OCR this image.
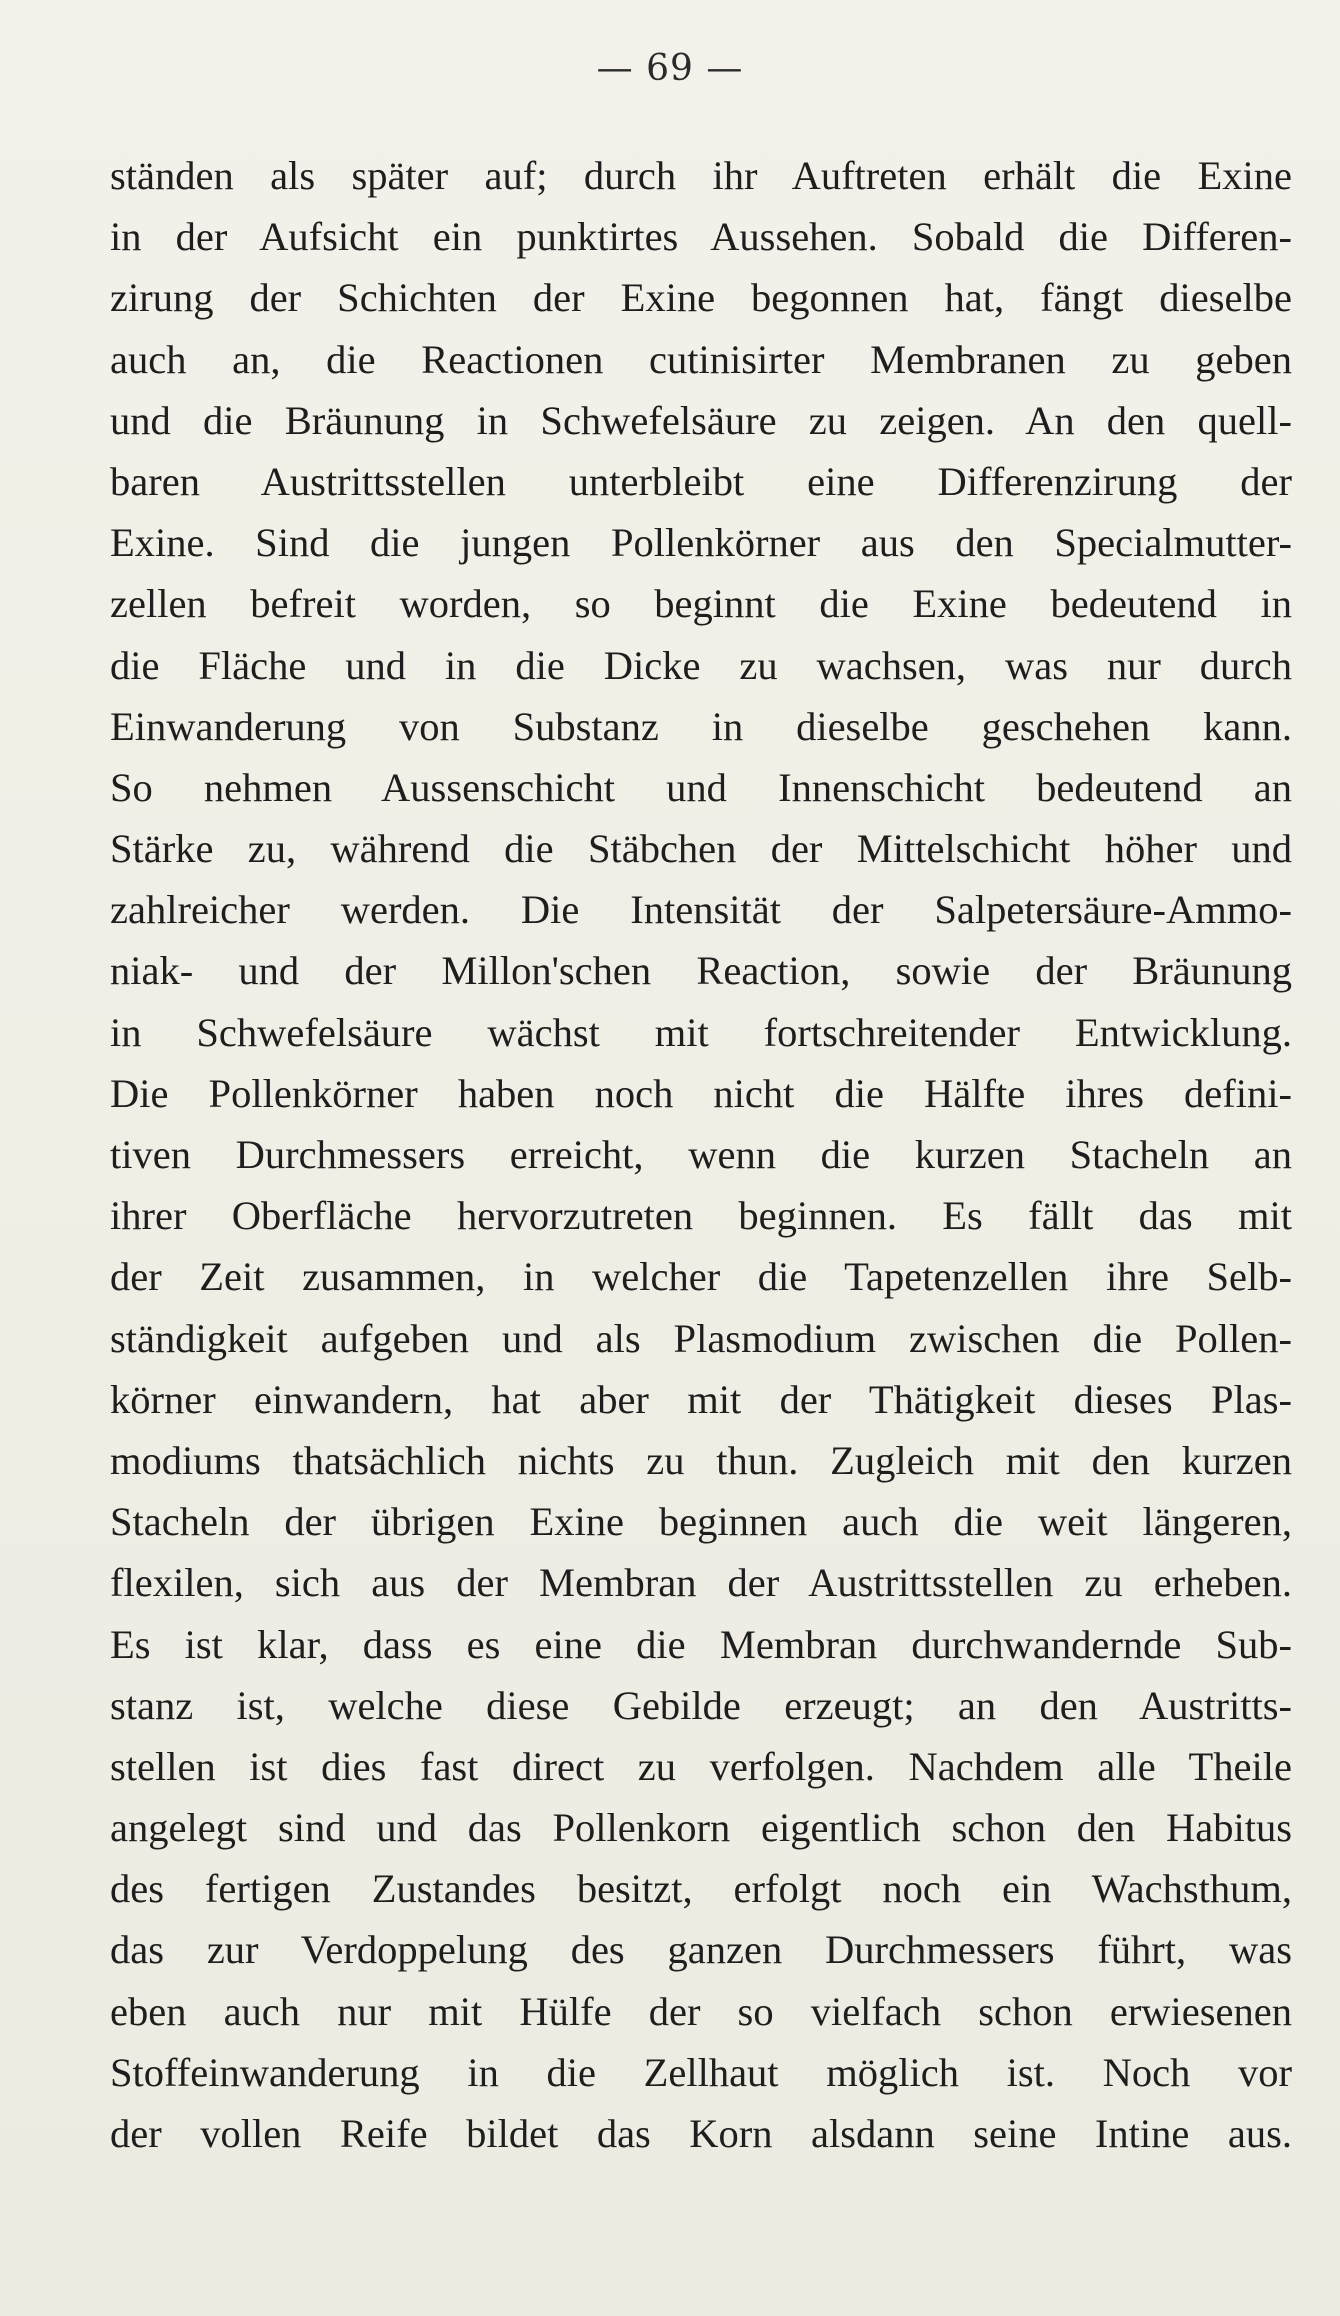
— 69 —
ständen als später auf; durch ihr Auftreten erhält die Exine
in der Aufsicht ein punktirtes Aussehen. Sobald die Differen-
zirung der Schichten der Exine begonnen hat, fängt dieselbe
auch an, die Reactionen cutinisirter Membranen zu geben
und die Bräunung in Schwefelsäure zu zeigen. An den quell-
baren Austrittsstellen unterbleibt eine Differenzirung der
Exine. Sind die jungen Pollenkörner aus den Specialmutter-
zellen befreit worden, so beginnt die Exine bedeutend in
die Fläche und in die Dicke zu wachsen, was nur durch
Einwanderung von Substanz in dieselbe geschehen kann.
So nehmen Aussenschicht und Innenschicht bedeutend an
Stärke zu, während die Stäbchen der Mittelschicht höher und
zahlreicher werden. Die Intensität der Salpetersäure-Ammo-
niak- und der Millon'schen Reaction, sowie der Bräunung
in Schwefelsäure wächst mit fortschreitender Entwicklung.
Die Pollenkörner haben noch nicht die Hälfte ihres defini-
tiven Durchmessers erreicht, wenn die kurzen Stacheln an
ihrer Oberfläche hervorzutreten beginnen. Es fällt das mit
der Zeit zusammen, in welcher die Tapetenzellen ihre Selb-
ständigkeit aufgeben und als Plasmodium zwischen die Pollen-
körner einwandern, hat aber mit der Thätigkeit dieses Plas-
modiums thatsächlich nichts zu thun. Zugleich mit den kurzen
Stacheln der übrigen Exine beginnen auch die weit längeren,
flexilen, sich aus der Membran der Austrittsstellen zu erheben.
Es ist klar, dass es eine die Membran durchwandernde Sub-
stanz ist, welche diese Gebilde erzeugt; an den Austritts-
stellen ist dies fast direct zu verfolgen. Nachdem alle Theile
angelegt sind und das Pollenkorn eigentlich schon den Habitus
des fertigen Zustandes besitzt, erfolgt noch ein Wachsthum,
das zur Verdoppelung des ganzen Durchmessers führt, was
eben auch nur mit Hülfe der so vielfach schon erwiesenen
Stoffeinwanderung in die Zellhaut möglich ist. Noch vor
der vollen Reife bildet das Korn alsdann seine Intine aus.
